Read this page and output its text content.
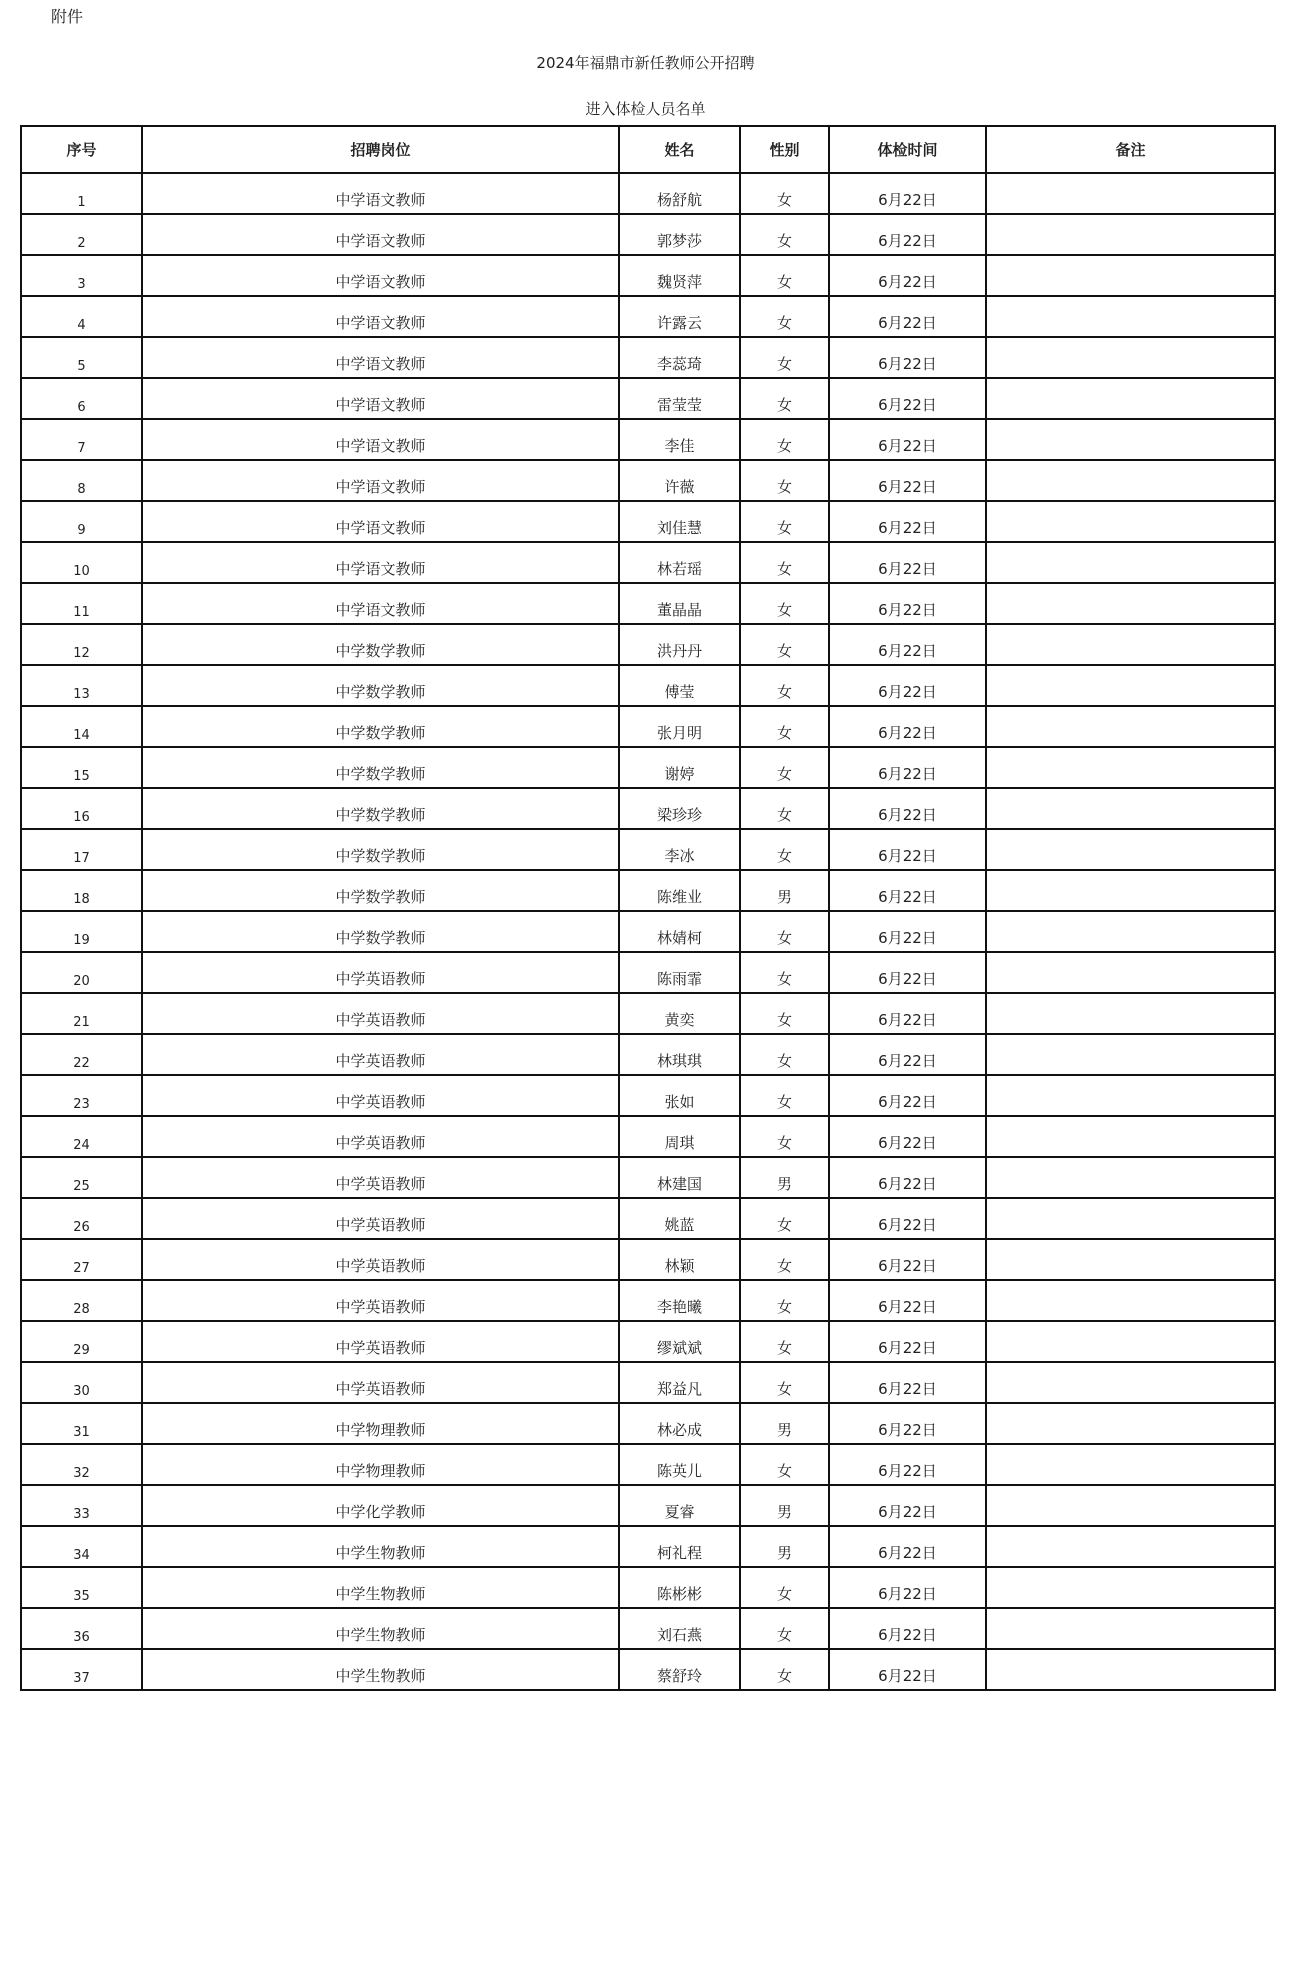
附件
2024年福鼎市新任教师公开招聘
进入体检人员名单
序号	招聘岗位	姓名	性别	体检时间	备注
1	中学语文教师	杨舒航	女	6月22日	
2	中学语文教师	郭梦莎	女	6月22日	
3	中学语文教师	魏贤萍	女	6月22日	
4	中学语文教师	许露云	女	6月22日	
5	中学语文教师	李蕊琦	女	6月22日	
6	中学语文教师	雷莹莹	女	6月22日	
7	中学语文教师	李佳	女	6月22日	
8	中学语文教师	许薇	女	6月22日	
9	中学语文教师	刘佳慧	女	6月22日	
10	中学语文教师	林若瑶	女	6月22日	
11	中学语文教师	董晶晶	女	6月22日	
12	中学数学教师	洪丹丹	女	6月22日	
13	中学数学教师	傅莹	女	6月22日	
14	中学数学教师	张月明	女	6月22日	
15	中学数学教师	谢婷	女	6月22日	
16	中学数学教师	梁珍珍	女	6月22日	
17	中学数学教师	李冰	女	6月22日	
18	中学数学教师	陈维业	男	6月22日	
19	中学数学教师	林婧柯	女	6月22日	
20	中学英语教师	陈雨霏	女	6月22日	
21	中学英语教师	黄奕	女	6月22日	
22	中学英语教师	林琪琪	女	6月22日	
23	中学英语教师	张如	女	6月22日	
24	中学英语教师	周琪	女	6月22日	
25	中学英语教师	林建国	男	6月22日	
26	中学英语教师	姚蓝	女	6月22日	
27	中学英语教师	林颖	女	6月22日	
28	中学英语教师	李艳曦	女	6月22日	
29	中学英语教师	缪斌斌	女	6月22日	
30	中学英语教师	郑益凡	女	6月22日	
31	中学物理教师	林必成	男	6月22日	
32	中学物理教师	陈英儿	女	6月22日	
33	中学化学教师	夏睿	男	6月22日	
34	中学生物教师	柯礼程	男	6月22日	
35	中学生物教师	陈彬彬	女	6月22日	
36	中学生物教师	刘石燕	女	6月22日	
37	中学生物教师	蔡舒玲	女	6月22日	
